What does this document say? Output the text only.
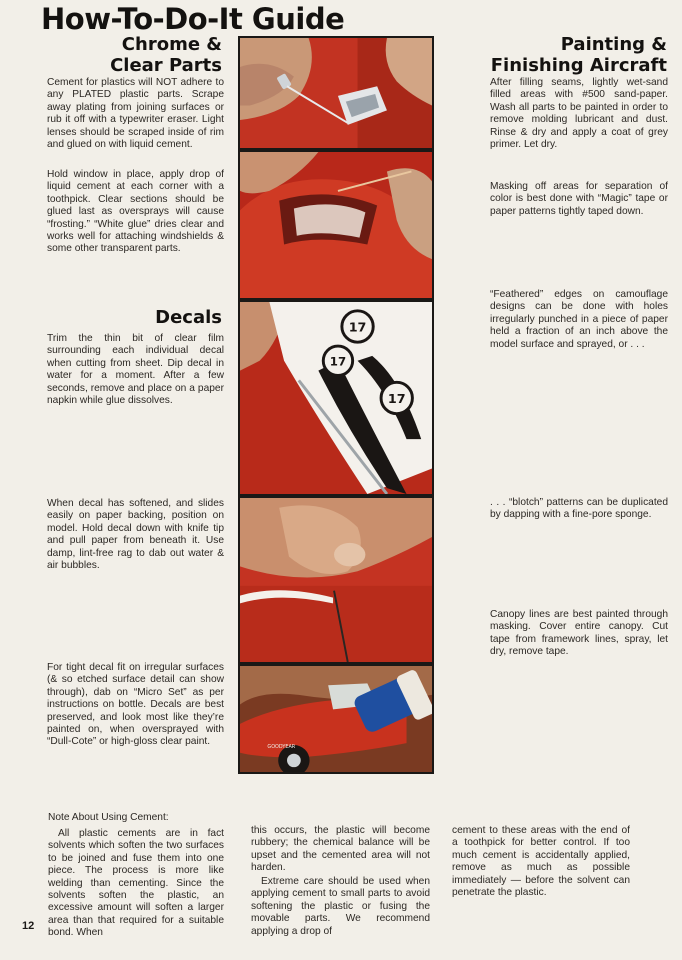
How-To-Do-It Guide
Chrome &
Clear Parts

Cement for plastics will NOT adhere to any PLATED plastic parts. Scrape away plating from joining surfaces or rub it off with a typewriter eraser. Light lenses should be scraped inside of rim and glued on with liquid cement.

Hold window in place, apply drop of liquid cement at each corner with a toothpick. Clear sections should be glued last as oversprays will cause “frosting.” “White glue” dries clear and works well for attaching windshields & some other transparent parts.

Decals

Trim the thin bit of clear film surrounding each individual decal when cutting from sheet. Dip decal in water for a moment. After a few seconds, remove and place on a paper napkin while glue dissolves.

When decal has softened, and slides easily on paper backing, position on model. Hold decal down with knife tip and pull paper from beneath it. Use damp, lint-free rag to dab out water & air bubbles.

For tight decal fit on irregular surfaces (& so etched surface detail can show through), dab on “Micro Set” as per instructions on bottle. Decals are best preserved, and look most like they’re painted on, when oversprayed with “Dull-Cote” or high-gloss clear paint.

Painting &
Finishing Aircraft

After filling seams, lightly wet-sand filled areas with #500 sand-paper. Wash all parts to be painted in order to remove molding lubricant and dust. Rinse & dry and apply a coat of grey primer. Let dry.

Masking off areas for separation of color is best done with “Magic” tape or paper patterns tightly taped down.

“Feathered” edges on camouflage designs can be done with holes irregularly punched in a piece of paper held a fraction of an inch above the model surface and sprayed, or . . .

. . . “blotch” patterns can be duplicated by dapping with a fine-pore sponge.

Canopy lines are best painted through masking. Cover entire canopy. Cut tape from framework lines, spray, let dry, remove tape.

17
17
17
GOODYEAR
Note About Using Cement:

All plastic cements are in fact solvents which soften the two surfaces to be joined and fuse them into one piece. The process is more like welding than cementing. Since the solvents soften the plastic, an excessive amount will soften a larger area than that required for a suitable bond. When

this occurs, the plastic will become rubbery; the chemical balance will be upset and the cemented area will not harden.

Extreme care should be used when applying cement to small parts to avoid softening the plastic or fusing the movable parts. We recommend applying a drop of

cement to these areas with the end of a toothpick for better control. If too much cement is accidentally applied, remove as much as possible immediately — before the solvent can penetrate the plastic.

12
